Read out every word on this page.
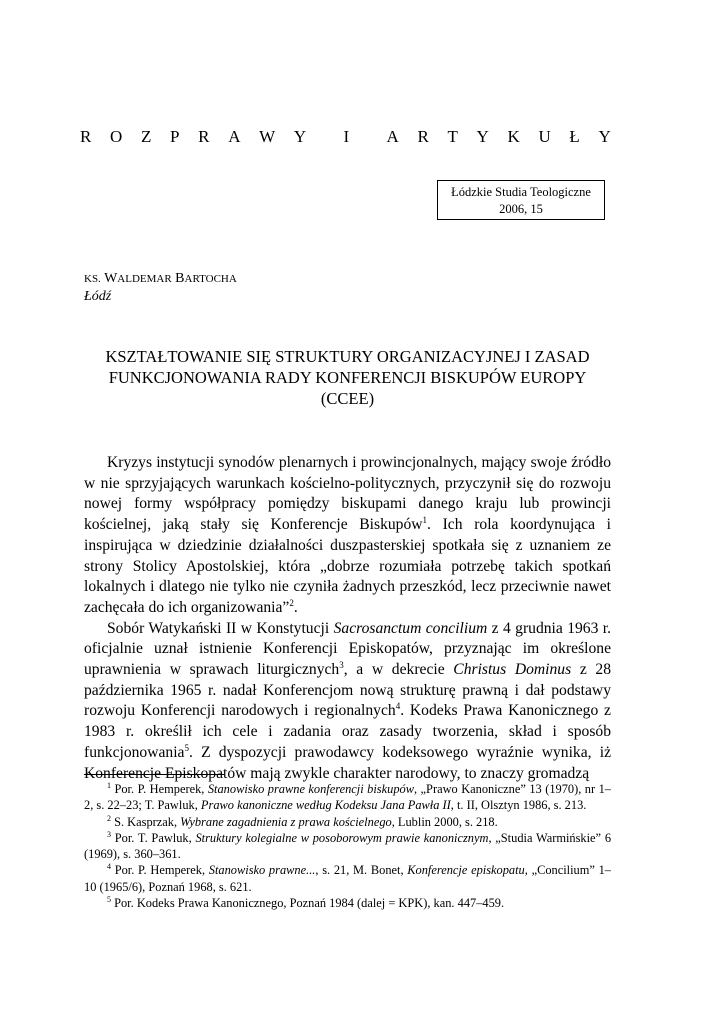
R O Z P R A W Y I A R T Y K U Ł Y
Łódzkie Studia Teologiczne
2006, 15
KS. WALDEMAR BARTOCHA
Łódź
KSZTAŁTOWANIE SIĘ STRUKTURY ORGANIZACYJNEJ I ZASAD
FUNKCJONOWANIA RADY KONFERENCJI BISKUPÓW EUROPY
(CCEE)

Kryzys instytucji synodów plenarnych i prowincjonalnych, mający swoje źródło w nie sprzyjających warunkach kościelno-politycznych, przyczynił się do rozwoju nowej formy współpracy pomiędzy biskupami danego kraju lub prowincji kościelnej, jaką stały się Konferencje Biskupów$^1$. Ich rola koordynująca i inspirująca w dziedzinie działalności duszpasterskiej spotkała się z uznaniem ze strony Stolicy Apostolskiej, która „dobrze rozumiała potrzebę takich spotkań lokalnych i dlatego nie tylko nie czyniła żadnych przeszkód, lecz przeciwnie nawet zachęcała do ich organizowania”$^2$.

Sobór Watykański II w Konstytucji Sacrosanctum concilium z 4 grudnia 1963 r. oficjalnie uznał istnienie Konferencji Episkopatów, przyznając im określone uprawnienia w sprawach liturgicznych$^3$, a w dekrecie Christus Dominus z 28 października 1965 r. nadał Konferencjom nową strukturę prawną i dał podstawy rozwoju Konferencji narodowych i regionalnych$^4$. Kodeks Prawa Kanonicznego z 1983 r. określił ich cele i zadania oraz zasady tworzenia, skład i sposób funkcjonowania$^5$. Z dyspozycji prawodawcy kodeksowego wyraźnie wynika, iż Konferencje Episkopatów mają zwykle charakter narodowy, to znaczy gromadzą

$^1$ Por. P. Hemperek, Stanowisko prawne konferencji biskupów, „Prawo Kanoniczne” 13 (1970), nr 1–2, s. 22–23; T. Pawluk, Prawo kanoniczne według Kodeksu Jana Pawła II, t. II, Olsztyn 1986, s. 213.

$^2$ S. Kasprzak, Wybrane zagadnienia z prawa kościelnego, Lublin 2000, s. 218.

$^3$ Por. T. Pawluk, Struktury kolegialne w posoborowym prawie kanonicznym, „Studia Warmińskie” 6 (1969), s. 360–361.

$^4$ Por. P. Hemperek, Stanowisko prawne..., s. 21, M. Bonet, Konferencje episkopatu, „Concilium” 1–10 (1965/6), Poznań 1968, s. 621.

$^5$ Por. Kodeks Prawa Kanonicznego, Poznań 1984 (dalej = KPK), kan. 447–459.
